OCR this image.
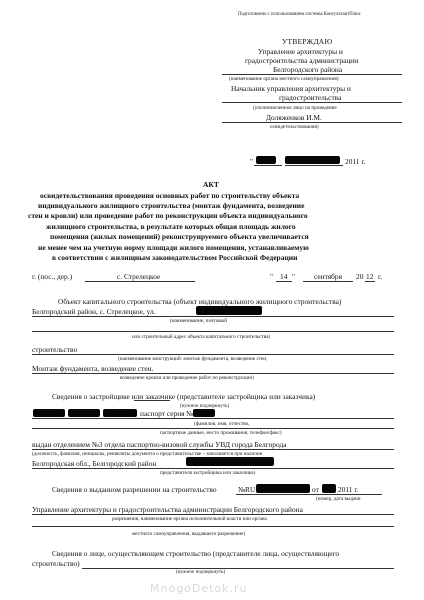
Подготовлено с использованием системы КонсультантПлюс
УТВЕРЖДАЮ
Управление архитектуры и
градостроительства администрации
Белгородского района
(наименование органа местного самоуправления)
Начальник управления архитектуры и
градостроительства
(уполномоченное лицо на проведение
Доляженков И.М.
освидетельствования)
"	2011 г.
АКТ
освидетельствования проведения основных работ по строительству объекта
индивидуального жилищного строительства (монтаж фундамента, возведение
стен и кровли) или проведение работ по реконструкции объекта индивидуального
жилищного строительства, в результате которых общая площадь жилого
помещения (жилых помещений) реконструируемого объекта увеличивается
не менее чем на учетную норму площади жилого помещения, устанавливаемую
в соответствии с жилищным законодательством Российской Федерации
г. (пос., дер.)	с. Стрелецкое	" 14 "	сентября 20 12 г.
Объект капитального строительства (объект индивидуального жилищного строительства)
Белгородский район, с. Стрелецкое, ул.
(наименование, почтовый
или строительный адрес объекта капитального строительства)
строительство
(наименование конструкций: монтаж фундамента, возведение стен,
Монтаж фундамента, возведение стен.
возведение кровли или проведение работ по реконструкции)
Сведения о застройщике или заказчике (представителе застройщика или заказчика)
(нужное подчеркнуть)
паспорт серия №
(фамилия, имя, отчество,
паспортные данные, место проживания, телефон/факс)
выдан отделением №3 отдела паспортно-визовой службы УВД города Белгорода
(должность, фамилия, инициалы, реквизиты документа о представительстве – заполняется при наличии
Белгородская обл., Белгородский район
представителя застройщика или заказчика)
Сведения о выданном разрешении на строительство	№RU	от	2011 г.
(номер, дата выдачи
Управление архитектуры и градостроительства администрации Белгородского района
разрешения, наименование органа исполнительной власти или органа
местного самоуправления, выдавшего разрешение)
Сведения о лице, осуществляющем строительство (представителе лица, осуществляющего
строительство)
(нужное подчеркнуть)
MnogoDetok.ru
